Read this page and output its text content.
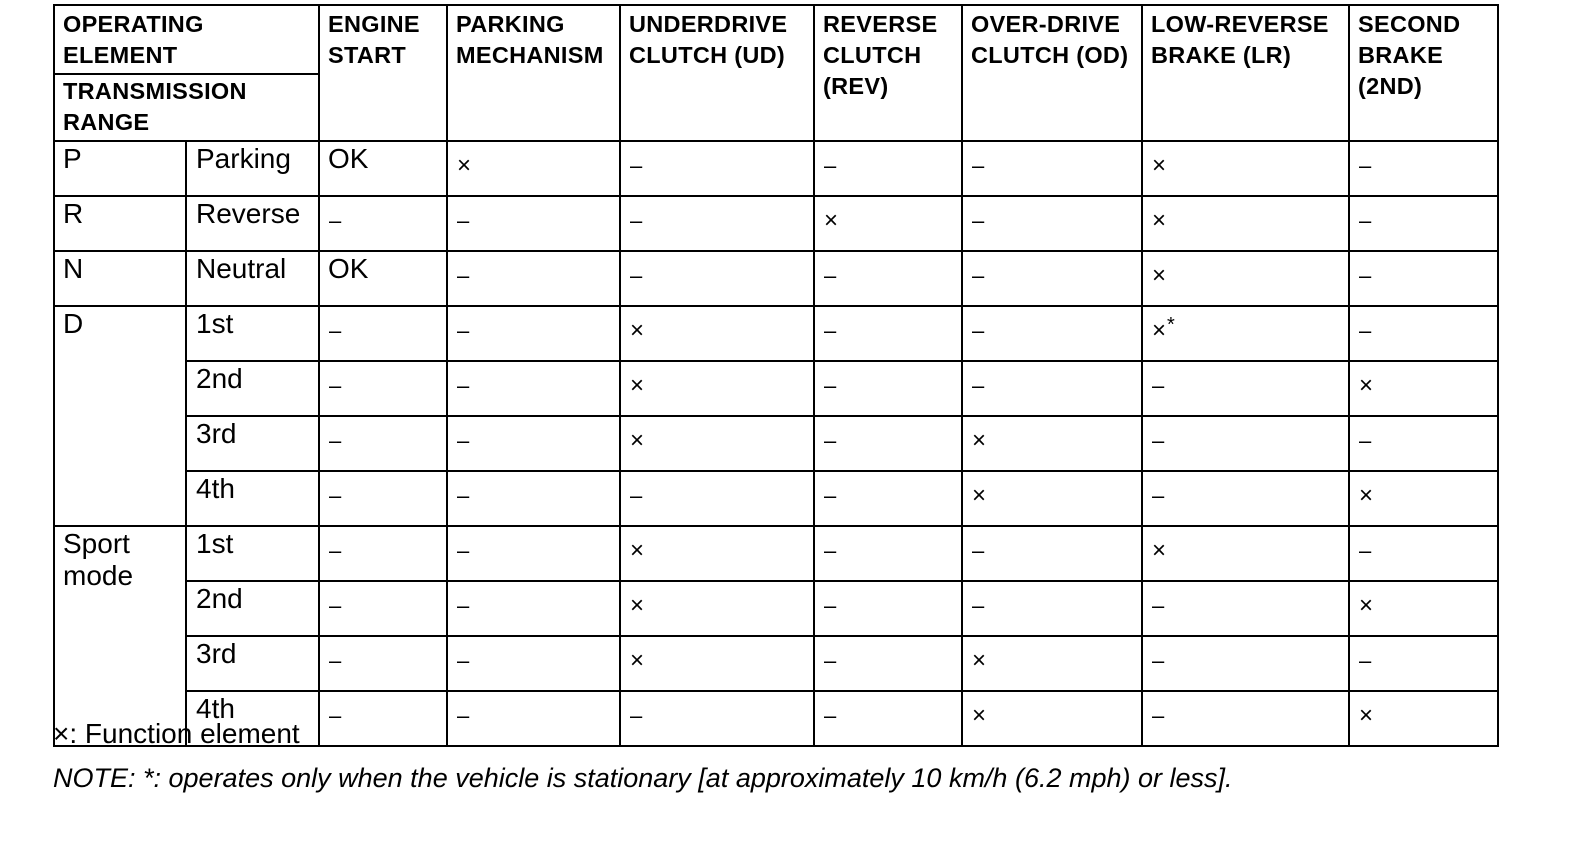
OPERATING ELEMENT		ENGINE START	PARKING MECHANISM	UNDERDRIVE CLUTCH (UD)	REVERSE CLUTCH (REV)	OVER-DRIVE CLUTCH (OD)	LOW-REVERSE BRAKE (LR)	SECOND BRAKE (2ND)
TRANSMISSION RANGE								
P	Parking	OK	×	–	–	–	×	–
R	Reverse	–	–	–	×	–	×	–
N	Neutral	OK	–	–	–	–	×	–
D	1st	–	–	×	–	–	×*	–
	2nd	–	–	×	–	–	–	×
	3rd	–	–	×	–	×	–	–
	4th	–	–	–	–	×	–	×
Sport mode	1st	–	–	×	–	–	×	–
	2nd	–	–	×	–	–	–	×
	3rd	–	–	×	–	×	–	–
	4th	–	–	–	–	×	–	×
×: Function element
NOTE: *: operates only when the vehicle is stationary [at approximately 10 km/h (6.2 mph) or less].
